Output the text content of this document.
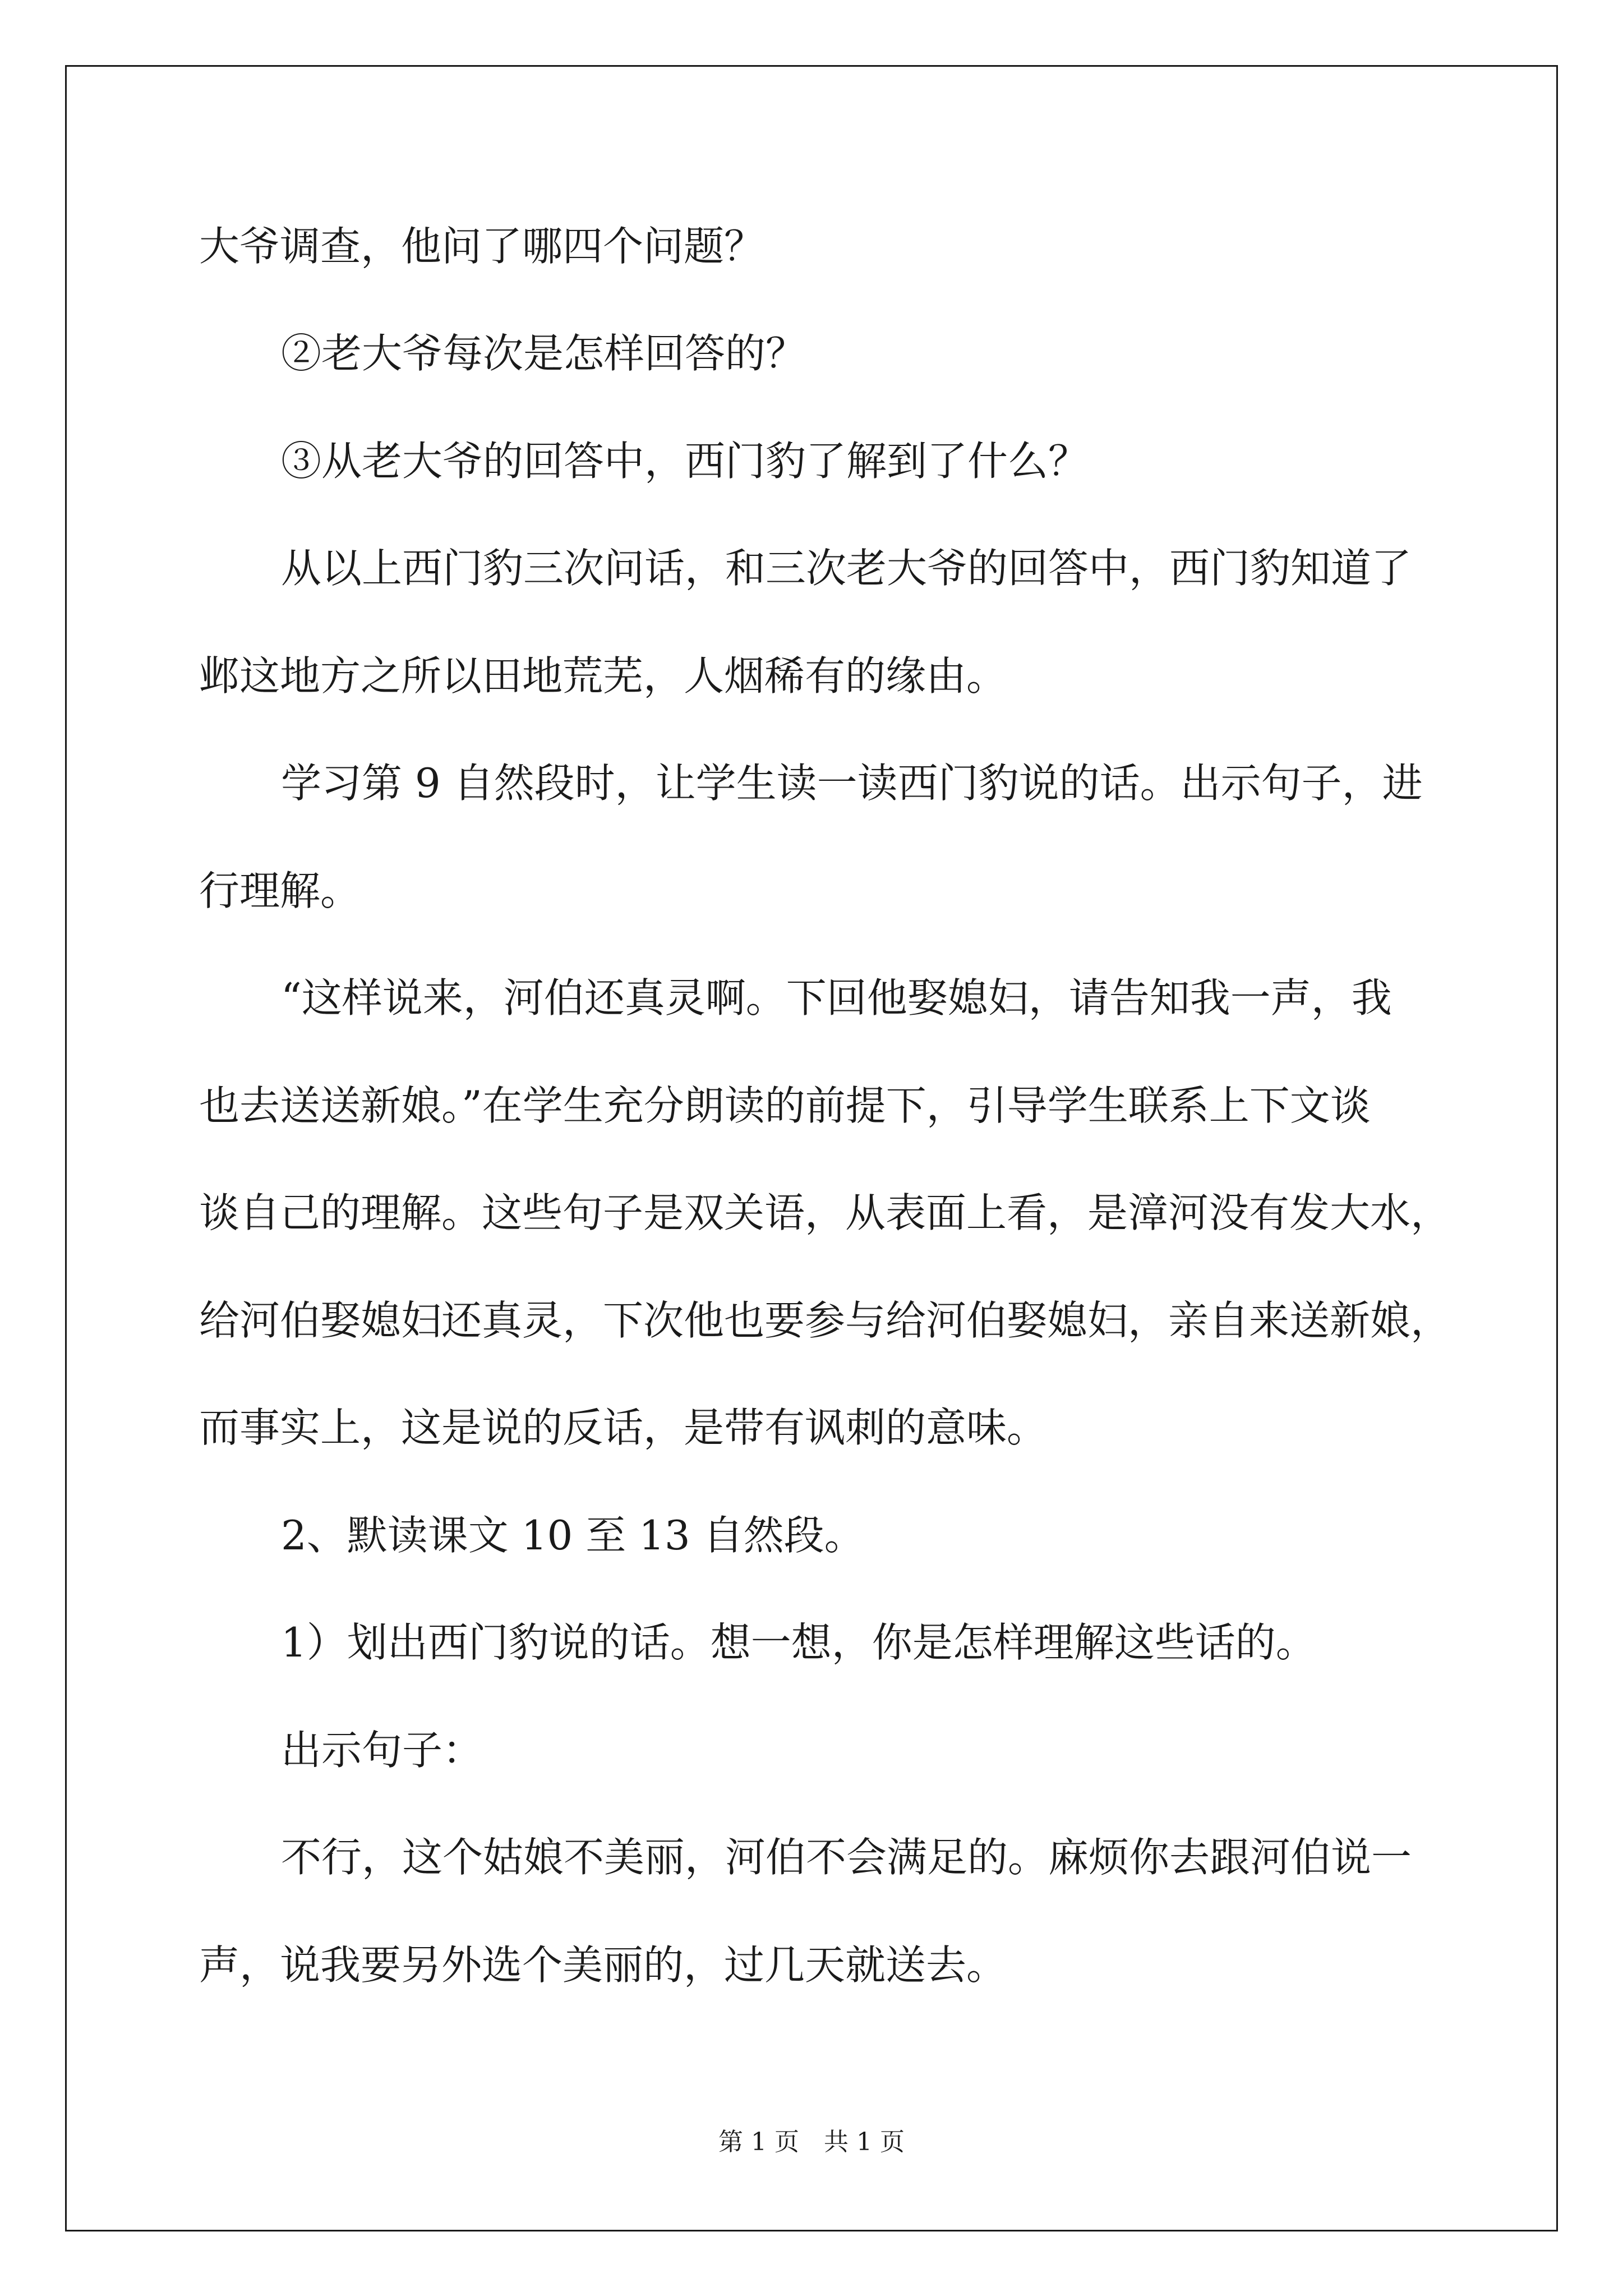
大爷调查，他问了哪四个问题？
②老大爷每次是怎样回答的？
③从老大爷的回答中，西门豹了解到了什么？
从以上西门豹三次问话，和三次老大爷的回答中，西门豹知道了
邺这地方之所以田地荒芜，人烟稀有的缘由。
学习第 9 自然段时，让学生读一读西门豹说的话。出示句子，进
行理解。
“这样说来，河伯还真灵啊。下回他娶媳妇，请告知我一声，我
也去送送新娘。”在学生充分朗读的前提下，引导学生联系上下文谈
谈自己的理解。这些句子是双关语，从表面上看，是漳河没有发大水，
给河伯娶媳妇还真灵，下次他也要参与给河伯娶媳妇，亲自来送新娘，
而事实上，这是说的反话，是带有讽刺的意味。
2、默读课文 10 至 13 自然段。
1）划出西门豹说的话。想一想，你是怎样理解这些话的。
出示句子：
不行，这个姑娘不美丽，河伯不会满足的。麻烦你去跟河伯说一
声，说我要另外选个美丽的，过几天就送去。
第 1 页　共 1 页
